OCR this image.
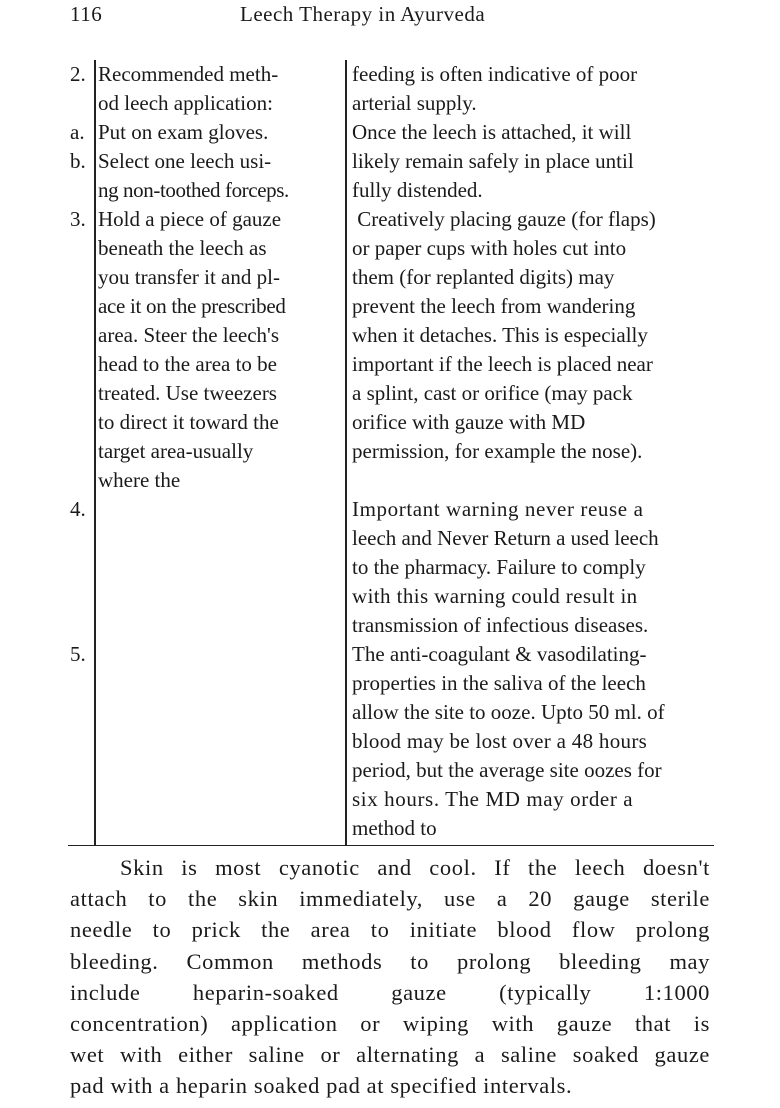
116	Leech Therapy in Ayurveda
2.
a.
b.
3.
4.
5.
Recommended meth-
od leech application:
Put on exam gloves.
Select one leech usi-
ng non-toothed forceps.
Hold a piece of gauze
beneath the leech as
you transfer it and pl-
ace it on the prescribed
area. Steer the leech's
head to the area to be
treated. Use tweezers
to direct it toward the
target area-usually
where the
feeding is often indicative of poor
arterial supply.
Once the leech is attached, it will
likely remain safely in place until
fully distended.
Creatively placing gauze (for flaps)
or paper cups with holes cut into
them (for replanted digits) may
prevent the leech from wandering
when it detaches. This is especially
important if the leech is placed near
a splint, cast or orifice (may pack
orifice with gauze with MD
permission, for example the nose).
Important warning never reuse a
leech and Never Return a used leech
to the pharmacy. Failure to comply
with this warning could result in
transmission of infectious diseases.
The anti-coagulant & vasodilating-
properties in the saliva of the leech
allow the site to ooze. Upto 50 ml. of
blood may be lost over a 48 hours
period, but the average site oozes for
six hours. The MD may order a
method to
Skin is most cyanotic and cool. If the leech doesn't
attach to the skin immediately, use a 20 gauge sterile
needle to prick the area to initiate blood flow prolong
bleeding. Common methods to prolong bleeding may
include heparin-soaked gauze (typically 1:1000
concentration) application or wiping with gauze that is
wet with either saline or alternating a saline soaked gauze
pad with a heparin soaked pad at specified intervals.
